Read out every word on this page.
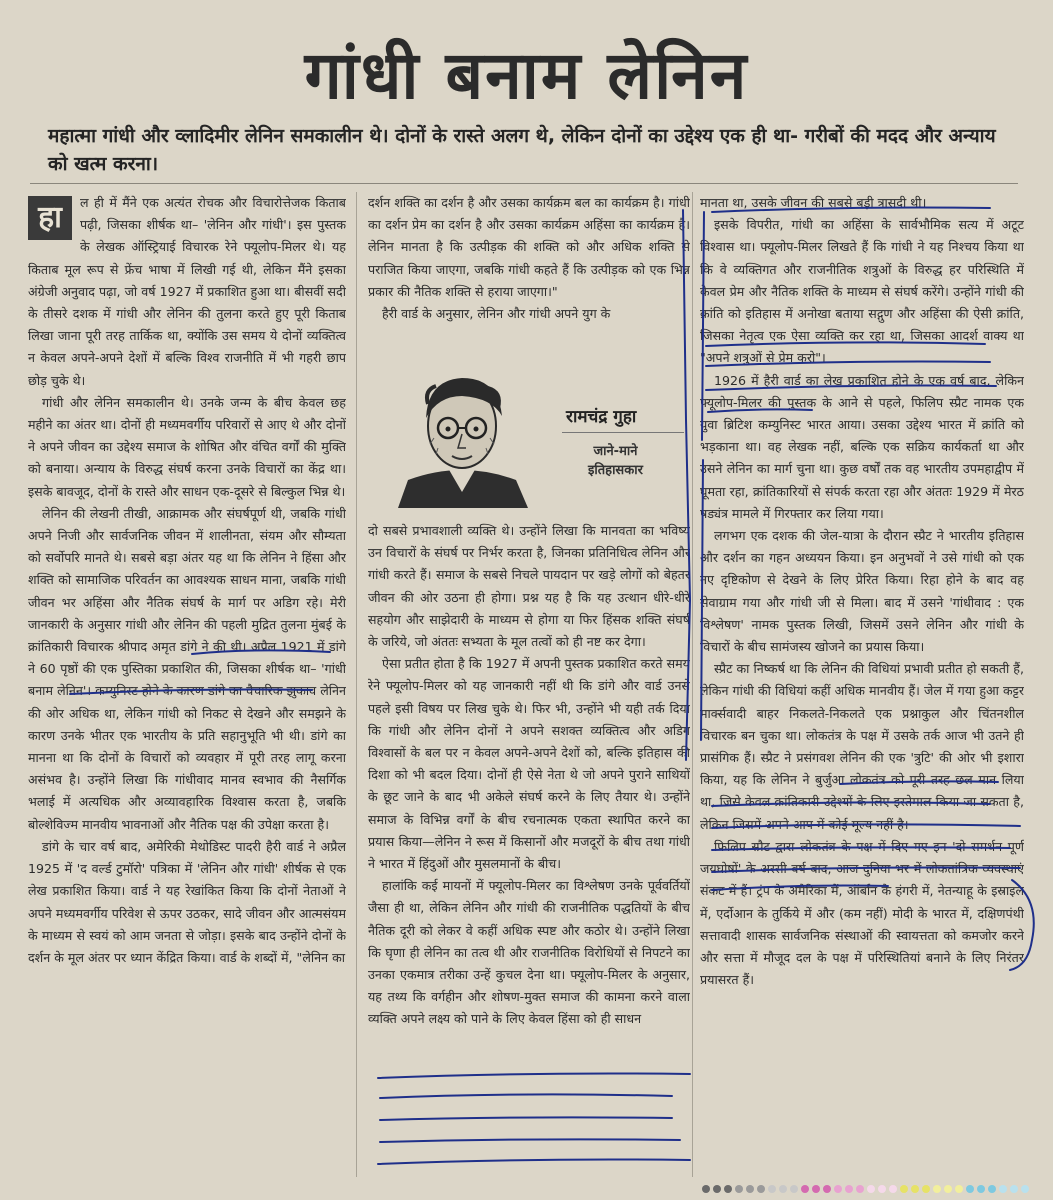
गांधी बनाम लेनिन
महात्मा गांधी और व्लादिमीर लेनिन समकालीन थे। दोनों के रास्ते अलग थे, लेकिन दोनों का उद्देश्य एक ही था- गरीबों की मदद और अन्याय को खत्म करना।
हा	ल ही में मैंने एक अत्यंत रोचक और विचारोत्तेजक किताब पढ़ी, जिसका शीर्षक था– 'लेनिन और गांधी'। इस पुस्तक के लेखक ऑस्ट्रियाई विचारक रेने फ्यूलोप-मिलर थे। यह किताब मूल रूप से फ्रेंच भाषा में लिखी गई थी, लेकिन मैंने इसका अंग्रेजी अनुवाद पढ़ा, जो वर्ष 1927 में प्रकाशित हुआ था। बीसवीं सदी के तीसरे दशक में गांधी और लेनिन की तुलना करते हुए पूरी किताब लिखा जाना पूरी तरह तार्किक था, क्योंकि उस समय ये दोनों व्यक्तित्व न केवल अपने-अपने देशों में बल्कि विश्व राजनीति में भी गहरी छाप छोड़ चुके थे।

गांधी और लेनिन समकालीन थे। उनके जन्म के बीच केवल छह महीने का अंतर था। दोनों ही मध्यमवर्गीय परिवारों से आए थे और दोनों ने अपने जीवन का उद्देश्य समाज के शोषित और वंचित वर्गों की मुक्ति को बनाया। अन्याय के विरुद्ध संघर्ष करना उनके विचारों का केंद्र था। इसके बावजूद, दोनों के रास्ते और साधन एक-दूसरे से बिल्कुल भिन्न थे।

लेनिन की लेखनी तीखी, आक्रामक और संघर्षपूर्ण थी, जबकि गांधी अपने निजी और सार्वजनिक जीवन में शालीनता, संयम और सौम्यता को सर्वोपरि मानते थे। सबसे बड़ा अंतर यह था कि लेनिन ने हिंसा और शक्ति को सामाजिक परिवर्तन का आवश्यक साधन माना, जबकि गांधी जीवन भर अहिंसा और नैतिक संघर्ष के मार्ग पर अडिग रहे। मेरी जानकारी के अनुसार गांधी और लेनिन की पहली मुद्रित तुलना मुंबई के क्रांतिकारी विचारक श्रीपाद अमृत डांगे ने की थी। अप्रैल 1921 में डांगे ने 60 पृष्ठों की एक पुस्तिका प्रकाशित की, जिसका शीर्षक था– 'गांधी बनाम लेनिन'। कम्युनिस्ट होने के कारण डांगे का वैचारिक झुकाव लेनिन की ओर अधिक था, लेकिन गांधी को निकट से देखने और समझने के कारण उनके भीतर एक भारतीय के प्रति सहानुभूति भी थी। डांगे का मानना था कि दोनों के विचारों को व्यवहार में पूरी तरह लागू करना असंभव है। उन्होंने लिखा कि गांधीवाद मानव स्वभाव की नैसर्गिक भलाई में अत्यधिक और अव्यावहारिक विश्वास करता है, जबकि बोल्शेविज्म मानवीय भावनाओं और नैतिक पक्ष की उपेक्षा करता है।

डांगे के चार वर्ष बाद, अमेरिकी मेथोडिस्ट पादरी हैरी वार्ड ने अप्रैल 1925 में 'द वर्ल्ड टुमॉरो' पत्रिका में 'लेनिन और गांधी' शीर्षक से एक लेख प्रकाशित किया। वार्ड ने यह रेखांकित किया कि दोनों नेताओं ने अपने मध्यमवर्गीय परिवेश से ऊपर उठकर, सादे जीवन और आत्मसंयम के माध्यम से स्वयं को आम जनता से जोड़ा। इसके बाद उन्होंने दोनों के दर्शन के मूल अंतर पर ध्यान केंद्रित किया। वार्ड के शब्दों में, "लेनिन का

दर्शन शक्ति का दर्शन है और उसका कार्यक्रम बल का कार्यक्रम है। गांधी का दर्शन प्रेम का दर्शन है और उसका कार्यक्रम अहिंसा का कार्यक्रम है। लेनिन मानता है कि उत्पीड़क की शक्ति को और अधिक शक्ति से पराजित किया जाएगा, जबकि गांधी कहते हैं कि उत्पीड़क को एक भिन्न प्रकार की नैतिक शक्ति से हराया जाएगा।"

हैरी वार्ड के अनुसार, लेनिन और गांधी अपने युग के

रामचंद्र गुहा
जाने-माने
इतिहासकार

दो सबसे प्रभावशाली व्यक्ति थे। उन्होंने लिखा कि मानवता का भविष्य उन विचारों के संघर्ष पर निर्भर करता है, जिनका प्रतिनिधित्व लेनिन और गांधी करते हैं। समाज के सबसे निचले पायदान पर खड़े लोगों को बेहतर जीवन की ओर उठना ही होगा। प्रश्न यह है कि यह उत्थान धीरे-धीरे सहयोग और साझेदारी के माध्यम से होगा या फिर हिंसक शक्ति संघर्ष के जरिये, जो अंततः सभ्यता के मूल तत्वों को ही नष्ट कर देगा।

ऐसा प्रतीत होता है कि 1927 में अपनी पुस्तक प्रकाशित करते समय रेने फ्यूलोप-मिलर को यह जानकारी नहीं थी कि डांगे और वार्ड उनसे पहले इसी विषय पर लिख चुके थे। फिर भी, उन्होंने भी यही तर्क दिया कि गांधी और लेनिन दोनों ने अपने सशक्त व्यक्तित्व और अडिग विश्वासों के बल पर न केवल अपने-अपने देशों को, बल्कि इतिहास की दिशा को भी बदल दिया। दोनों ही ऐसे नेता थे जो अपने पुराने साथियों के छूट जाने के बाद भी अकेले संघर्ष करने के लिए तैयार थे। उन्होंने समाज के विभिन्न वर्गों के बीच रचनात्मक एकता स्थापित करने का प्रयास किया—लेनिन ने रूस में किसानों और मजदूरों के बीच तथा गांधी ने भारत में हिंदुओं और मुसलमानों के बीच।

हालांकि कई मायनों में फ्यूलोप-मिलर का विश्लेषण उनके पूर्ववर्तियों जैसा ही था, लेकिन लेनिन और गांधी की राजनीतिक पद्धतियों के बीच नैतिक दूरी को लेकर वे कहीं अधिक स्पष्ट और कठोर थे। उन्होंने लिखा कि घृणा ही लेनिन का तत्व थी और राजनीतिक विरोधियों से निपटने का उनका एकमात्र तरीका उन्हें कुचल देना था। फ्यूलोप-मिलर के अनुसार, यह तथ्य कि वर्गहीन और शोषण-मुक्त समाज की कामना करने वाला व्यक्ति अपने लक्ष्य को पाने के लिए केवल हिंसा को ही साधन

मानता था, उसके जीवन की सबसे बड़ी त्रासदी थी।

इसके विपरीत, गांधी का अहिंसा के सार्वभौमिक सत्य में अटूट विश्वास था। फ्यूलोप-मिलर लिखते हैं कि गांधी ने यह निश्चय किया था कि वे व्यक्तिगत और राजनीतिक शत्रुओं के विरुद्ध हर परिस्थिति में केवल प्रेम और नैतिक शक्ति के माध्यम से संघर्ष करेंगे। उन्होंने गांधी की क्रांति को इतिहास में अनोखा बताया सद्गुण और अहिंसा की ऐसी क्रांति, जिसका नेतृत्व एक ऐसा व्यक्ति कर रहा था, जिसका आदर्श वाक्य था "अपने शत्रुओं से प्रेम करो"।

1926 में हैरी वार्ड का लेख प्रकाशित होने के एक वर्ष बाद, लेकिन फ्यूलोप-मिलर की पुस्तक के आने से पहले, फिलिप स्प्रैट नामक एक युवा ब्रिटिश कम्युनिस्ट भारत आया। उसका उद्देश्य भारत में क्रांति को भड़काना था। वह लेखक नहीं, बल्कि एक सक्रिय कार्यकर्ता था और उसने लेनिन का मार्ग चुना था। कुछ वर्षों तक वह भारतीय उपमहाद्वीप में घूमता रहा, क्रांतिकारियों से संपर्क करता रहा और अंततः 1929 में मेरठ षड्यंत्र मामले में गिरफ्तार कर लिया गया।

लगभग एक दशक की जेल-यात्रा के दौरान स्प्रैट ने भारतीय इतिहास और दर्शन का गहन अध्ययन किया। इन अनुभवों ने उसे गांधी को एक नए दृष्टिकोण से देखने के लिए प्रेरित किया। रिहा होने के बाद वह सेवाग्राम गया और गांधी जी से मिला। बाद में उसने 'गांधीवाद : एक विश्लेषण' नामक पुस्तक लिखी, जिसमें उसने लेनिन और गांधी के विचारों के बीच सामंजस्य खोजने का प्रयास किया।

स्प्रैट का निष्कर्ष था कि लेनिन की विधियां प्रभावी प्रतीत हो सकती हैं, लेकिन गांधी की विधियां कहीं अधिक मानवीय हैं। जेल में गया हुआ कट्टर मार्क्सवादी बाहर निकलते-निकलते एक प्रश्नाकुल और चिंतनशील विचारक बन चुका था। लोकतंत्र के पक्ष में उसके तर्क आज भी उतने ही प्रासंगिक हैं। स्प्रैट ने प्रसंगवश लेनिन की एक 'त्रुटि' की ओर भी इशारा किया, यह कि लेनिन ने बुर्जुआ लोकतंत्र को पूरी तरह छल मान लिया था, जिसे केवल क्रांतिकारी उद्देश्यों के लिए इस्तेमाल किया जा सकता है, लेकिन जिसमें अपने आप में कोई मूल्य नहीं है।

फिलिप स्प्रैट द्वारा लोकतंत्र के पक्ष में दिए गए इन 'दो समर्थन पूर्ण जयघोषों' के अस्सी वर्ष बाद, आज दुनिया भर में लोकतांत्रिक व्यवस्थाएं संकट में हैं। ट्रंप के अमेरिका में, ऑर्बान के हंगरी में, नेतन्याहू के इस्राइल में, एर्दोआन के तुर्किये में और (कम नहीं) मोदी के भारत में, दक्षिणपंथी सत्तावादी शासक सार्वजनिक संस्थाओं की स्वायत्तता को कमजोर करने और सत्ता में मौजूद दल के पक्ष में परिस्थितियां बनाने के लिए निरंतर प्रयासरत हैं।
